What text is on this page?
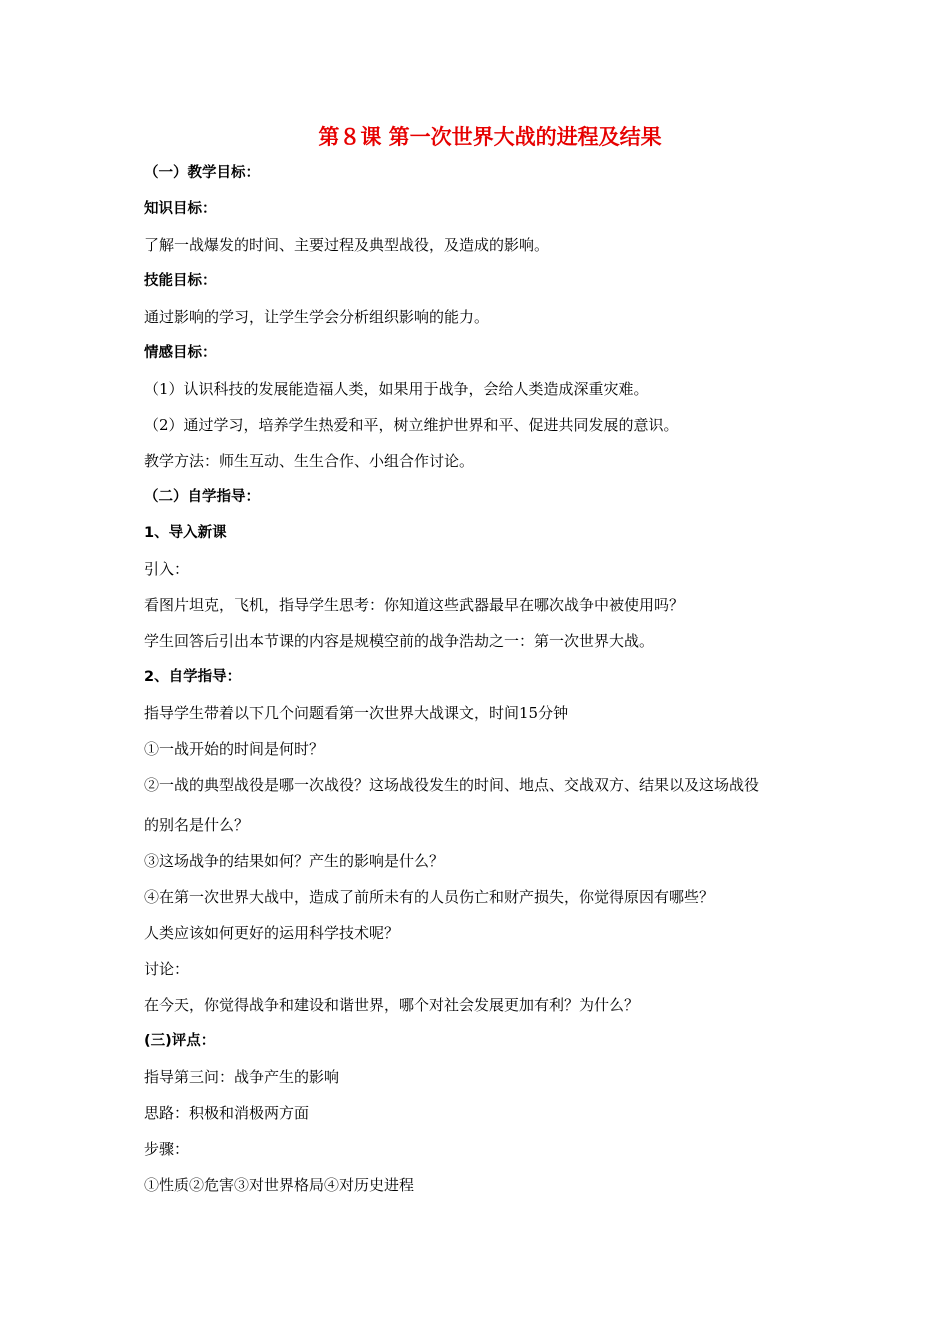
第８课 第一次世界大战的进程及结果
（一）教学目标：
知识目标：
了解一战爆发的时间、主要过程及典型战役，及造成的影响。
技能目标：
通过影响的学习，让学生学会分析组织影响的能力。
情感目标：
（1）认识科技的发展能造福人类，如果用于战争，会给人类造成深重灾难。
（2）通过学习，培养学生热爱和平，树立维护世界和平、促进共同发展的意识。
教学方法：师生互动、生生合作、小组合作讨论。
（二）自学指导：
1、导入新课
引入：
看图片坦克，飞机，指导学生思考：你知道这些武器最早在哪次战争中被使用吗？
学生回答后引出本节课的内容是规模空前的战争浩劫之一：第一次世界大战。
2、自学指导：
指导学生带着以下几个问题看第一次世界大战课文，时间15分钟
①一战开始的时间是何时？
②一战的典型战役是哪一次战役？这场战役发生的时间、地点、交战双方、结果以及这场战役
的别名是什么？
③这场战争的结果如何？产生的影响是什么？
④在第一次世界大战中，造成了前所未有的人员伤亡和财产损失，你觉得原因有哪些？
人类应该如何更好的运用科学技术呢？
讨论：
在今天，你觉得战争和建设和谐世界，哪个对社会发展更加有利？为什么？
(三)评点：
指导第三问：战争产生的影响
思路：积极和消极两方面
步骤：
①性质②危害③对世界格局④对历史进程
